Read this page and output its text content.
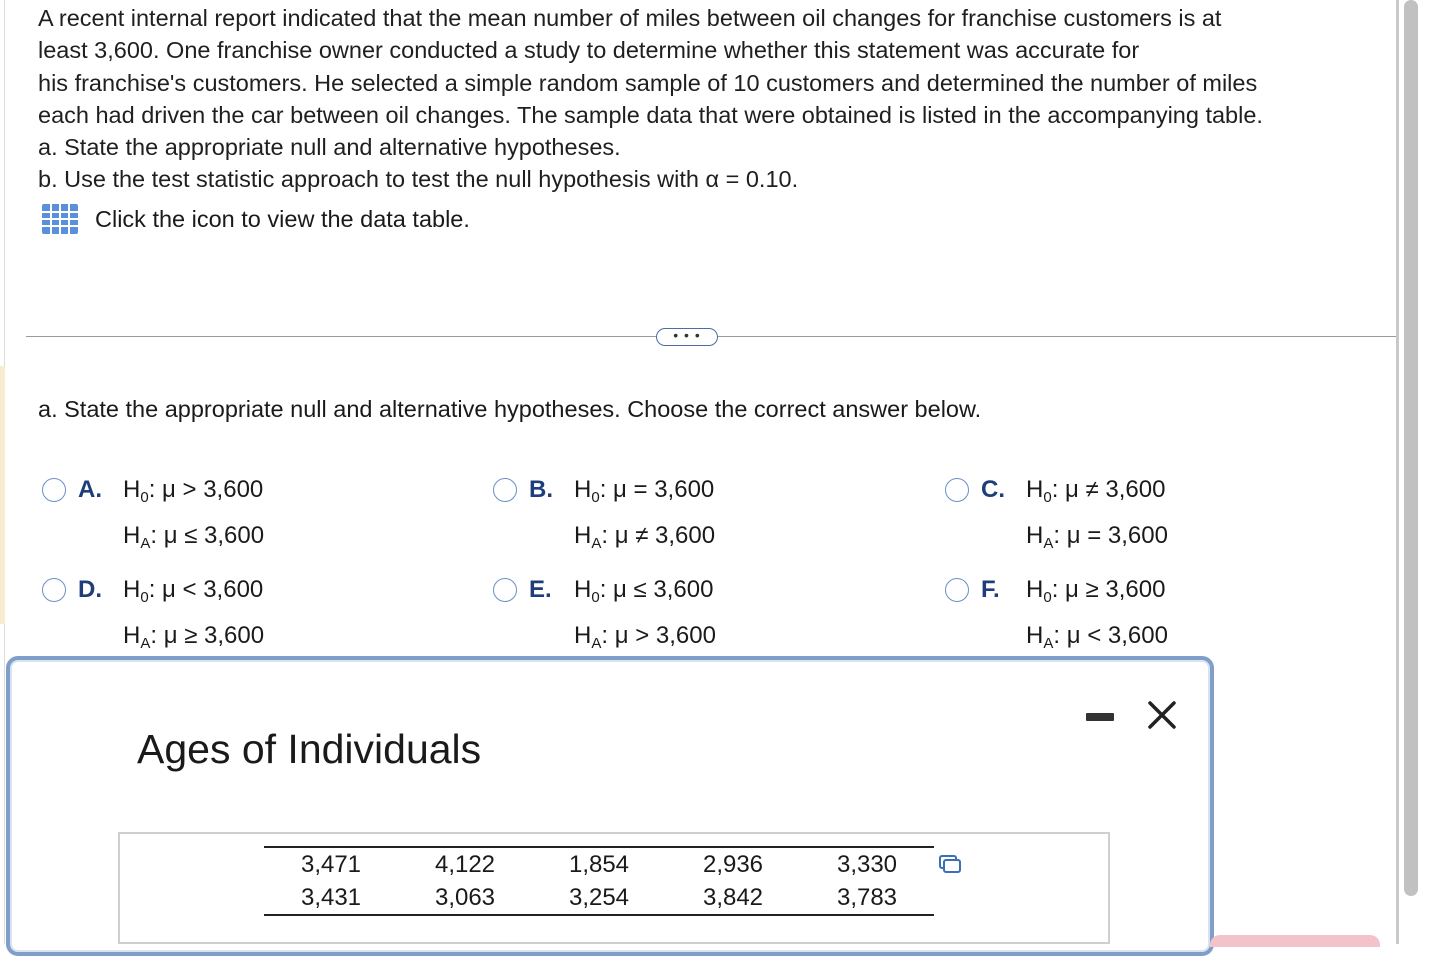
A recent internal report indicated that the mean number of miles between oil changes for franchise customers is at

least 3,600. One franchise owner conducted a study to determine whether this statement was accurate for

his franchise's customers. He selected a simple random sample of 10 customers and determined the number of miles

each had driven the car between oil changes. The sample data that were obtained is listed in the accompanying table.

a. State the appropriate null and alternative hypotheses.

b. Use the test statistic approach to test the null hypothesis with α = 0.10.

Click the icon to view the data table.
• • •
a. State the appropriate null and alternative hypotheses. Choose the correct answer below.
A. $H_0$: μ > 3,600
$H_A$: μ ≤ 3,600
B. $H_0$: μ = 3,600
$H_A$: μ ≠ 3,600
C. $H_0$: μ ≠ 3,600
$H_A$: μ = 3,600
D. $H_0$: μ < 3,600
$H_A$: μ ≥ 3,600
E. $H_0$: μ ≤ 3,600
$H_A$: μ > 3,600
F.	$H_0$: μ ≥ 3,600
$H_A$: μ < 3,600
Ages of Individuals
3,471	4,122	1,854	2,936	3,330
3,431	3,063	3,254	3,842	3,783
